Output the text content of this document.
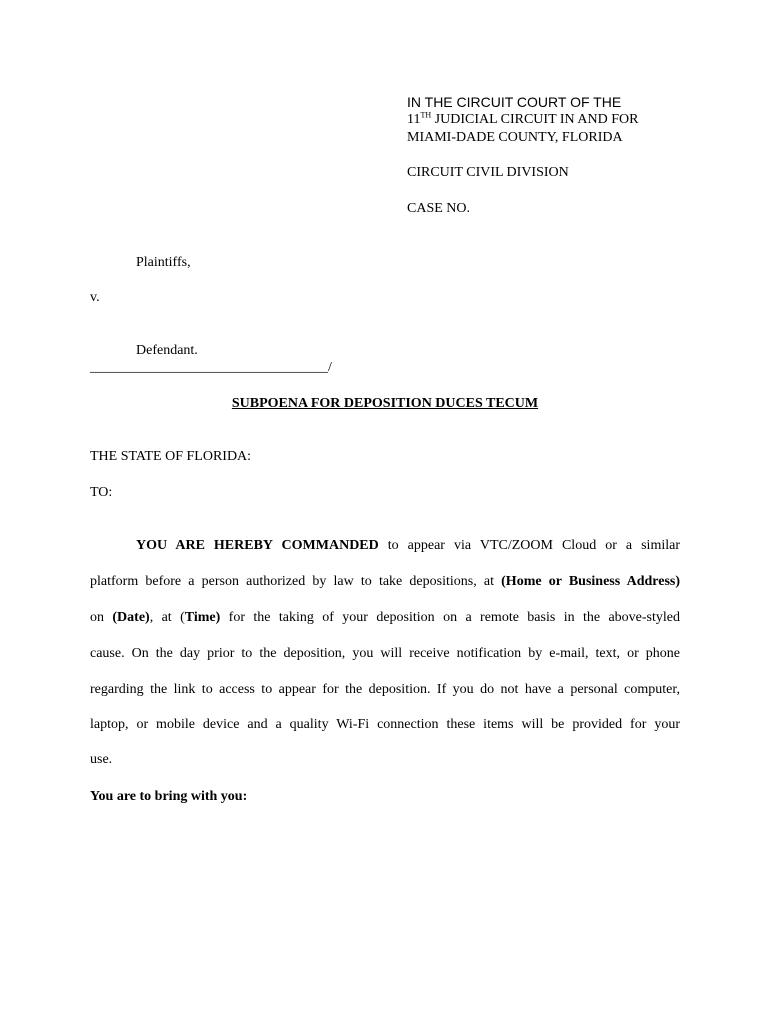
IN THE CIRCUIT COURT OF THE
11TH JUDICIAL CIRCUIT IN AND FOR
MIAMI-DADE COUNTY, FLORIDA
CIRCUIT CIVIL DIVISION
CASE NO.
Plaintiffs,
v.
Defendant.
__________________________________/
SUBPOENA FOR DEPOSITION DUCES TECUM
THE STATE OF FLORIDA:
TO:
YOU ARE HEREBY COMMANDED to appear via VTC/ZOOM Cloud or a similar
platform before a person authorized by law to take depositions, at (Home or Business Address)
on (Date), at (Time) for the taking of your deposition on a remote basis in the above-styled
cause. On the day prior to the deposition, you will receive notification by e-mail, text, or phone
regarding the link to access to appear for the deposition. If you do not have a personal computer,
laptop, or mobile device and a quality Wi-Fi connection these items will be provided for your
use.
You are to bring with you:
